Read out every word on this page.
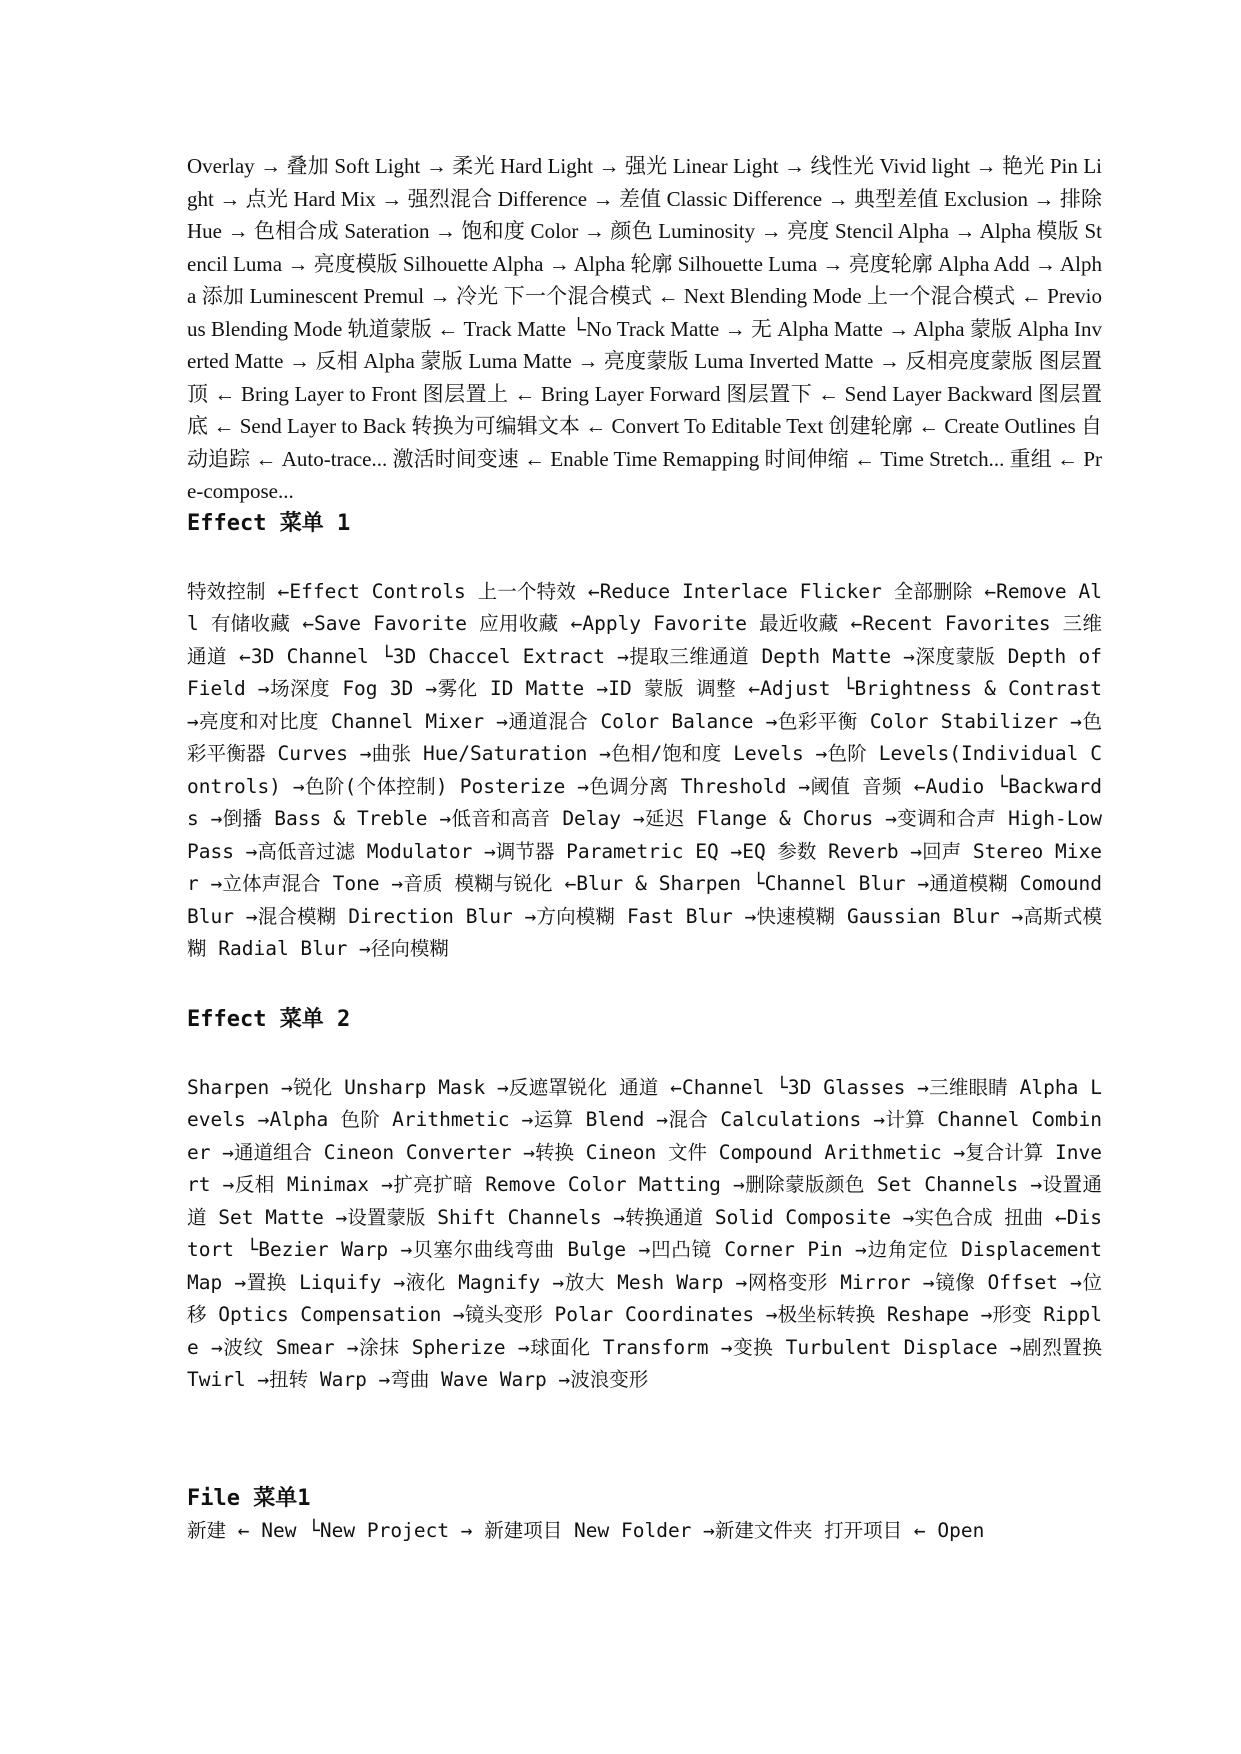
Overlay → 叠加 Soft Light → 柔光 Hard Light → 强光 Linear Light → 线性光 Vivid light → 艳光 Pin Light → 点光 Hard Mix → 强烈混合 Difference → 差值 Classic Difference → 典型差值 Exclusion → 排除 Hue → 色相合成 Sateration → 饱和度 Color → 颜色 Luminosity → 亮度 Stencil Alpha → Alpha 模版 Stencil Luma → 亮度模版 Silhouette Alpha → Alpha 轮廓 Silhouette Luma → 亮度轮廓 Alpha Add → Alpha 添加 Luminescent Premul → 冷光 下一个混合模式 ← Next Blending Mode 上一个混合模式 ← Previous Blending Mode 轨道蒙版 ← Track Matte └No Track Matte → 无 Alpha Matte → Alpha 蒙版 Alpha Inverted Matte → 反相 Alpha 蒙版 Luma Matte → 亮度蒙版 Luma Inverted Matte → 反相亮度蒙版 图层置顶 ← Bring Layer to Front 图层置上 ← Bring Layer Forward 图层置下 ← Send Layer Backward 图层置底 ← Send Layer to Back 转换为可编辑文本 ← Convert To Editable Text 创建轮廓 ← Create Outlines 自动追踪 ← Auto-trace... 激活时间变速 ← Enable Time Remapping 时间伸缩 ← Time Stretch... 重组 ← Pre-compose...

Effect 菜单 1

特效控制 ←Effect Controls 上一个特效 ←Reduce Interlace Flicker 全部删除 ←Remove All 有储收藏 ←Save Favorite 应用收藏 ←Apply Favorite 最近收藏 ←Recent Favorites 三维通道 ←3D Channel └3D Chaccel Extract →提取三维通道 Depth Matte →深度蒙版 Depth of Field →场深度 Fog 3D →雾化 ID Matte →ID 蒙版 调整 ←Adjust └Brightness & Contrast →亮度和对比度 Channel Mixer →通道混合 Color Balance →色彩平衡 Color Stabilizer →色彩平衡器 Curves →曲张 Hue/Saturation →色相/饱和度 Levels →色阶 Levels(Individual Controls) →色阶(个体控制) Posterize →色调分离 Threshold →阈值 音频 ←Audio └Backwards →倒播 Bass & Treble →低音和高音 Delay →延迟 Flange & Chorus →变调和合声 High-Low Pass →高低音过滤 Modulator →调节器 Parametric EQ →EQ 参数 Reverb →回声 Stereo Mixer →立体声混合 Tone →音质 模糊与锐化 ←Blur & Sharpen └Channel Blur →通道模糊 Comound Blur →混合模糊 Direction Blur →方向模糊 Fast Blur →快速模糊 Gaussian Blur →高斯式模糊 Radial Blur →径向模糊

Effect 菜单 2

Sharpen →锐化 Unsharp Mask →反遮罩锐化 通道 ←Channel └3D Glasses →三维眼睛 Alpha Levels →Alpha 色阶 Arithmetic →运算 Blend →混合 Calculations →计算 Channel Combiner →通道组合 Cineon Converter →转换 Cineon 文件 Compound Arithmetic →复合计算 Invert →反相 Minimax →扩亮扩暗 Remove Color Matting →删除蒙版颜色 Set Channels →设置通道 Set Matte →设置蒙版 Shift Channels →转换通道 Solid Composite →实色合成 扭曲 ←Distort └Bezier Warp →贝塞尔曲线弯曲 Bulge →凹凸镜 Corner Pin →边角定位 Displacement Map →置换 Liquify →液化 Magnify →放大 Mesh Warp →网格变形 Mirror →镜像 Offset →位移 Optics Compensation →镜头变形 Polar Coordinates →极坐标转换 Reshape →形变 Ripple →波纹 Smear →涂抹 Spherize →球面化 Transform →变换 Turbulent Displace →剧烈置换 Twirl →扭转 Warp →弯曲 Wave Warp →波浪变形

File 菜单1

新建 ← New └New Project → 新建项目 New Folder →新建文件夹 打开项目 ← Open
